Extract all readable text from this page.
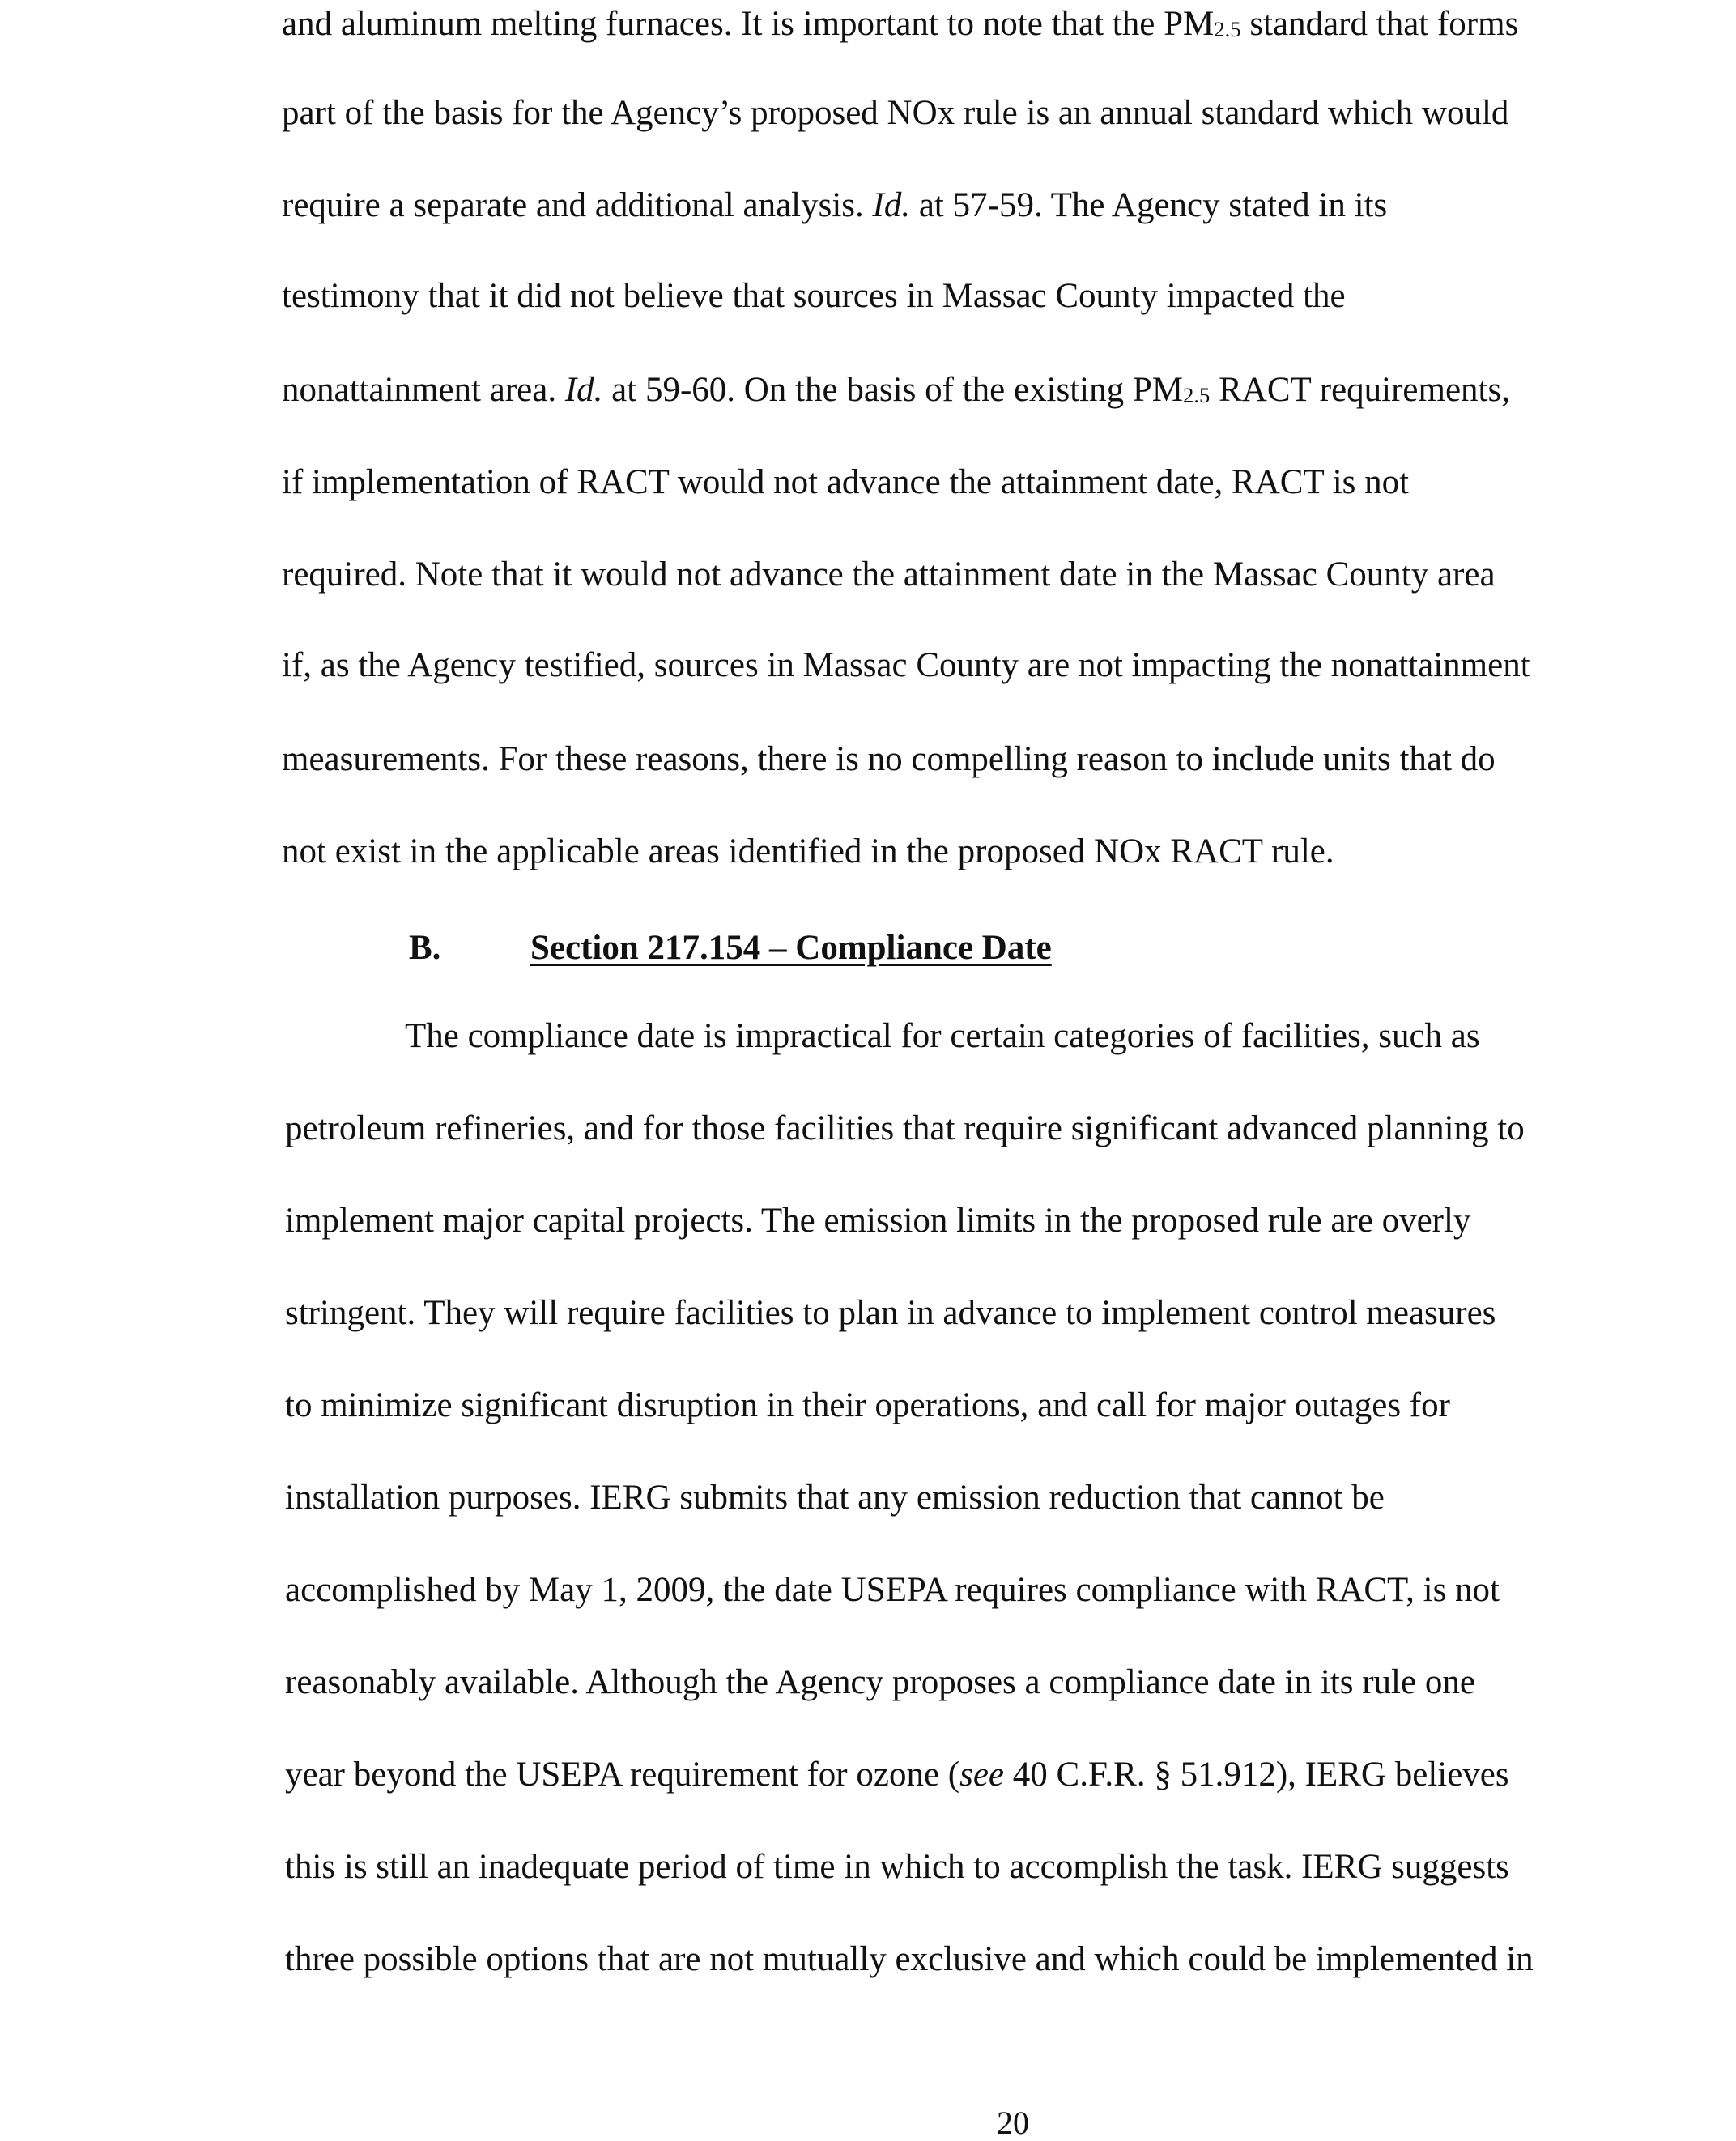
and aluminum melting furnaces. It is important to note that the $PM_{2.5}$ standard that forms
part of the basis for the Agency’s proposed NOx rule is an annual standard which would
require a separate and additional analysis. Id. at 57-59. The Agency stated in its
testimony that it did not believe that sources in Massac County impacted the
nonattainment area. Id. at 59-60. On the basis of the existing $PM_{2.5}$ RACT requirements,
if implementation of RACT would not advance the attainment date, RACT is not
required. Note that it would not advance the attainment date in the Massac County area
if, as the Agency testified, sources in Massac County are not impacting the nonattainment
measurements. For these reasons, there is no compelling reason to include units that do
not exist in the applicable areas identified in the proposed NOx RACT rule.
B.	Section 217.154 – Compliance Date
The compliance date is impractical for certain categories of facilities, such as
petroleum refineries, and for those facilities that require significant advanced planning to
implement major capital projects. The emission limits in the proposed rule are overly
stringent. They will require facilities to plan in advance to implement control measures
to minimize significant disruption in their operations, and call for major outages for
installation purposes. IERG submits that any emission reduction that cannot be
accomplished by May 1, 2009, the date USEPA requires compliance with RACT, is not
reasonably available. Although the Agency proposes a compliance date in its rule one
year beyond the USEPA requirement for ozone (see 40 C.F.R. § 51.912), IERG believes
this is still an inadequate period of time in which to accomplish the task. IERG suggests
three possible options that are not mutually exclusive and which could be implemented in
20
